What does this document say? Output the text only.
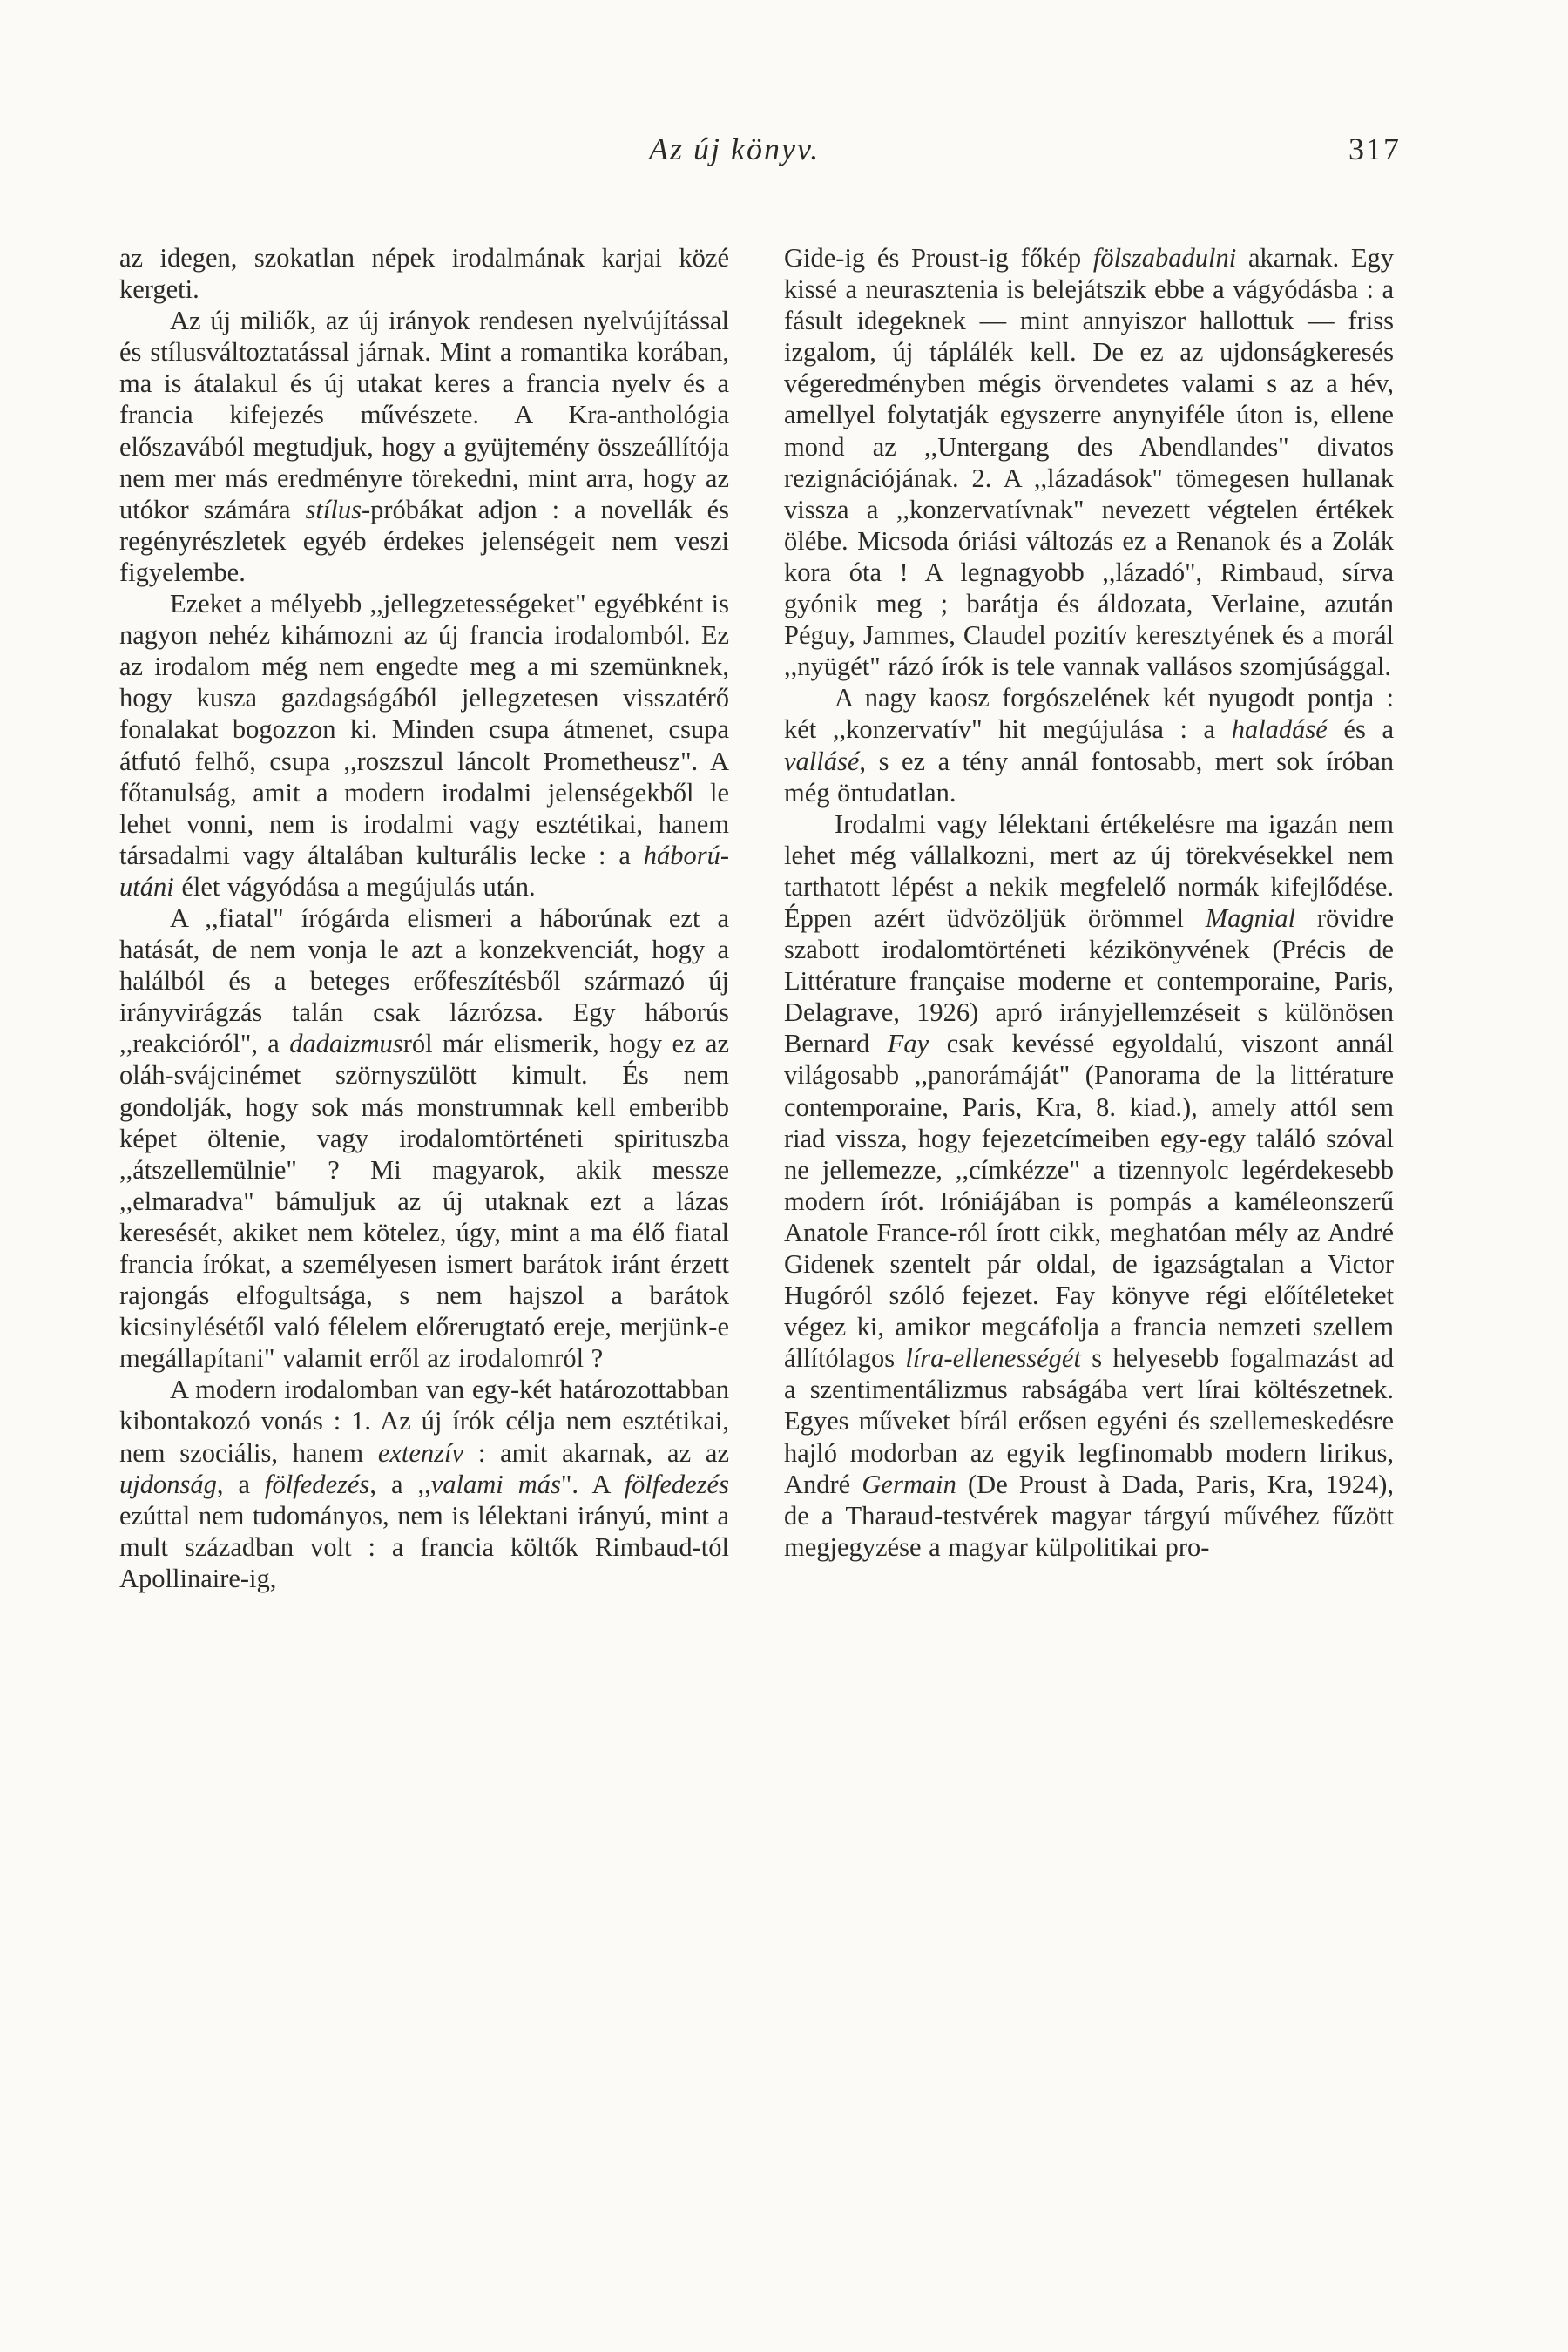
Az új könyv.	317

az idegen, szokatlan népek irodalmának karjai közé kergeti.

Az új miliők, az új irányok rendesen nyelvújítással és stílusváltoztatással járnak. Mint a romantika korában, ma is átalakul és új utakat keres a francia nyelv és a francia kifejezés művészete. A Kra-anthológia előszavából megtudjuk, hogy a gyüjtemény összeállítója nem mer más eredményre törekedni, mint arra, hogy az utókor számára stílus-próbákat adjon : a novellák és regényrészletek egyéb érdekes jelenségeit nem veszi figyelembe.

Ezeket a mélyebb ,,jellegzetességeket" egyébként is nagyon nehéz kihámozni az új francia irodalomból. Ez az irodalom még nem engedte meg a mi szemünknek, hogy kusza gazdagságából jellegzetesen visszatérő fonalakat bogozzon ki. Minden csupa átmenet, csupa átfutó felhő, csupa ,,roszszul láncolt Prometheusz". A főtanulság, amit a modern irodalmi jelenségekből le lehet vonni, nem is irodalmi vagy esztétikai, hanem társadalmi vagy általában kulturális lecke : a háború-utáni élet vágyódása a megújulás után.

A ,,fiatal" írógárda elismeri a háborúnak ezt a hatását, de nem vonja le azt a konzekvenciát, hogy a halálból és a beteges erőfeszítésből származó új irányvirágzás talán csak lázrózsa. Egy háborús ,,reakcióról", a dadaizmusról már elismerik, hogy ez az oláh-svájcinémet szörnyszülött kimult. És nem gondolják, hogy sok más monstrumnak kell emberibb képet öltenie, vagy irodalomtörténeti spirituszba ,,átszellemülnie" ? Mi magyarok, akik messze ,,elmaradva" bámuljuk az új utaknak ezt a lázas keresését, akiket nem kötelez, úgy, mint a ma élő fiatal francia írókat, a személyesen ismert barátok iránt érzett rajongás elfogultsága, s nem hajszol a barátok kicsinylésétől való félelem előrerugtató ereje, merjünk-e megállapítani" valamit erről az irodalomról ?

A modern irodalomban van egy-két határozottabban kibontakozó vonás : 1. Az új írók célja nem esztétikai, nem szociális, hanem extenzív : amit akarnak, az az ujdonság, a fölfedezés, a ,,valami más". A fölfedezés ezúttal nem tudományos, nem is lélektani irányú, mint a mult században volt : a francia költők Rimbaud-tól Apollinaire-ig,

Gide-ig és Proust-ig főkép fölszabadulni akarnak. Egy kissé a neurasztenia is belejátszik ebbe a vágyódásba : a fásult idegeknek — mint annyiszor hallottuk — friss izgalom, új táplálék kell. De ez az ujdonságkeresés végeredményben mégis örvendetes valami s az a hév, amellyel folytatják egyszerre anynyiféle úton is, ellene mond az ,,Untergang des Abendlandes" divatos rezignációjának. 2. A ,,lázadások" tömegesen hullanak vissza a ,,konzervatívnak" nevezett végtelen értékek ölébe. Micsoda óriási változás ez a Renanok és a Zolák kora óta ! A legnagyobb ,,lázadó", Rimbaud, sírva gyónik meg ; barátja és áldozata, Verlaine, azután Péguy, Jammes, Claudel pozitív keresztyének és a morál ,,nyügét" rázó írók is tele vannak vallásos szomjúsággal.

A nagy kaosz forgószelének két nyugodt pontja : két ,,konzervatív" hit megújulása : a haladásé és a vallásé, s ez a tény annál fontosabb, mert sok íróban még öntudatlan.

Irodalmi vagy lélektani értékelésre ma igazán nem lehet még vállalkozni, mert az új törekvésekkel nem tarthatott lépést a nekik megfelelő normák kifejlődése. Éppen azért üdvözöljük örömmel Magnial rövidre szabott irodalomtörténeti kézikönyvének (Précis de Littérature française moderne et contemporaine, Paris, Delagrave, 1926) apró irányjellemzéseit s különösen Bernard Fay csak kevéssé egyoldalú, viszont annál világosabb ,,panorámáját" (Panorama de la littérature contemporaine, Paris, Kra, 8. kiad.), amely attól sem riad vissza, hogy fejezetcímeiben egy-egy találó szóval ne jellemezze, ,,címkézze" a tizennyolc legérdekesebb modern írót. Iróniájában is pompás a kaméleonszerű Anatole France-ról írott cikk, meghatóan mély az André Gidenek szentelt pár oldal, de igazságtalan a Victor Hugóról szóló fejezet. Fay könyve régi előítéleteket végez ki, amikor megcáfolja a francia nemzeti szellem állítólagos líra-ellenességét s helyesebb fogalmazást ad a szentimentálizmus rabságába vert lírai költészetnek. Egyes műveket bírál erősen egyéni és szellemeskedésre hajló modorban az egyik legfinomabb modern lirikus, André Germain (De Proust à Dada, Paris, Kra, 1924), de a Tharaud-testvérek magyar tárgyú művéhez fűzött megjegyzése a magyar külpolitikai pro-
